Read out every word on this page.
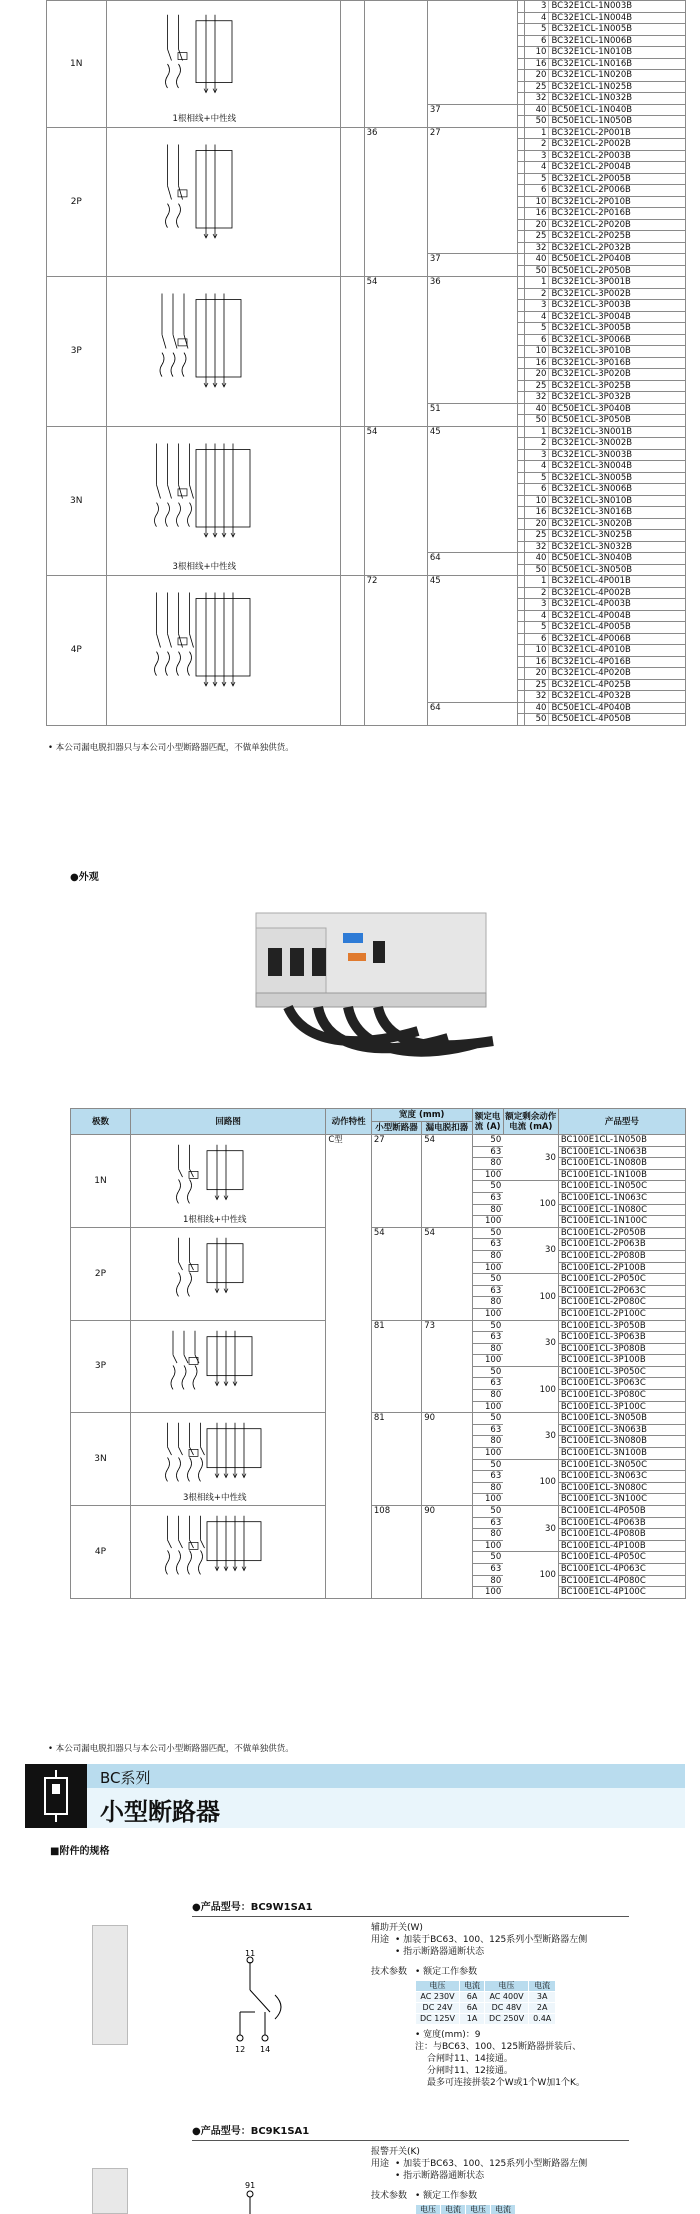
1N	1根相线+中性线					3	BC32E1CL-1N003B
						4	BC32E1CL-1N004B
						5	BC32E1CL-1N005B
						6	BC32E1CL-1N006B
						10	BC32E1CL-1N010B
						16	BC32E1CL-1N016B
						20	BC32E1CL-1N020B
						25	BC32E1CL-1N025B
						32	BC32E1CL-1N032B
				37		40	BC50E1CL-1N040B
						50	BC50E1CL-1N050B
2P			36	27		1	BC32E1CL-2P001B
						2	BC32E1CL-2P002B
						3	BC32E1CL-2P003B
						4	BC32E1CL-2P004B
						5	BC32E1CL-2P005B
						6	BC32E1CL-2P006B
						10	BC32E1CL-2P010B
						16	BC32E1CL-2P016B
						20	BC32E1CL-2P020B
						25	BC32E1CL-2P025B
						32	BC32E1CL-2P032B
				37		40	BC50E1CL-2P040B
						50	BC50E1CL-2P050B
3P			54	36		1	BC32E1CL-3P001B
						2	BC32E1CL-3P002B
						3	BC32E1CL-3P003B
						4	BC32E1CL-3P004B
						5	BC32E1CL-3P005B
						6	BC32E1CL-3P006B
						10	BC32E1CL-3P010B
						16	BC32E1CL-3P016B
						20	BC32E1CL-3P020B
						25	BC32E1CL-3P025B
						32	BC32E1CL-3P032B
				51		40	BC50E1CL-3P040B
						50	BC50E1CL-3P050B
3N	3根相线+中性线		54	45		1	BC32E1CL-3N001B
						2	BC32E1CL-3N002B
						3	BC32E1CL-3N003B
						4	BC32E1CL-3N004B
						5	BC32E1CL-3N005B
						6	BC32E1CL-3N006B
						10	BC32E1CL-3N010B
						16	BC32E1CL-3N016B
						20	BC32E1CL-3N020B
						25	BC32E1CL-3N025B
						32	BC32E1CL-3N032B
				64		40	BC50E1CL-3N040B
						50	BC50E1CL-3N050B
4P			72	45		1	BC32E1CL-4P001B
						2	BC32E1CL-4P002B
						3	BC32E1CL-4P003B
						4	BC32E1CL-4P004B
						5	BC32E1CL-4P005B
						6	BC32E1CL-4P006B
						10	BC32E1CL-4P010B
						16	BC32E1CL-4P016B
						20	BC32E1CL-4P020B
						25	BC32E1CL-4P025B
						32	BC32E1CL-4P032B
				64		40	BC50E1CL-4P040B
						50	BC50E1CL-4P050B
• 本公司漏电脱扣器只与本公司小型断路器匹配，不做单独供货。
●外观
极数	回路图	动作特性	宽度 (mm)		额定电流 (A)	额定剩余动作电流 (mA)	产品型号
			小型断路器	漏电脱扣器			
1N	1根相线+中性线	C型	27	54	50	30	BC100E1CL-1N050B
					63		BC100E1CL-1N063B
					80		BC100E1CL-1N080B
					100		BC100E1CL-1N100B
					50	100	BC100E1CL-1N050C
					63		BC100E1CL-1N063C
					80		BC100E1CL-1N080C
					100		BC100E1CL-1N100C
2P			54	54	50	30	BC100E1CL-2P050B
					63		BC100E1CL-2P063B
					80		BC100E1CL-2P080B
					100		BC100E1CL-2P100B
					50	100	BC100E1CL-2P050C
					63		BC100E1CL-2P063C
					80		BC100E1CL-2P080C
					100		BC100E1CL-2P100C
3P			81	73	50	30	BC100E1CL-3P050B
					63		BC100E1CL-3P063B
					80		BC100E1CL-3P080B
					100		BC100E1CL-3P100B
					50	100	BC100E1CL-3P050C
					63		BC100E1CL-3P063C
					80		BC100E1CL-3P080C
					100		BC100E1CL-3P100C
3N	3根相线+中性线		81	90	50	30	BC100E1CL-3N050B
					63		BC100E1CL-3N063B
					80		BC100E1CL-3N080B
					100		BC100E1CL-3N100B
					50	100	BC100E1CL-3N050C
					63		BC100E1CL-3N063C
					80		BC100E1CL-3N080C
					100		BC100E1CL-3N100C
4P			108	90	50	30	BC100E1CL-4P050B
					63		BC100E1CL-4P063B
					80		BC100E1CL-4P080B
					100		BC100E1CL-4P100B
					50	100	BC100E1CL-4P050C
					63		BC100E1CL-4P063C
					80		BC100E1CL-4P080C
					100		BC100E1CL-4P100C
• 本公司漏电脱扣器只与本公司小型断路器匹配，不做单独供货。
BC系列
小型断路器
■附件的规格
11
12 14
●产品型号：BC9W1SA1
辅助开关(W)
用途 • 加装于BC63、100、125系列小型断路器左侧
• 指示断路器通断状态
技术参数 • 额定工作参数
电压	电流	电压	电流
AC 230V	6A	AC 400V	3A
DC 24V	6A	DC 48V	2A
DC 125V	1A	DC 250V	0.4A
• 宽度(mm)：9
注：与BC63、100、125断路器拼装后、
合闸时11、14接通。
分闸时11、12接通。
最多可连接拼装2个W或1个W加1个K。
91
●产品型号：BC9K1SA1
报警开关(K)
用途 • 加装于BC63、100、125系列小型断路器左侧
• 指示断路器通断状态
技术参数 • 额定工作参数
电压	电流	电压	电流
